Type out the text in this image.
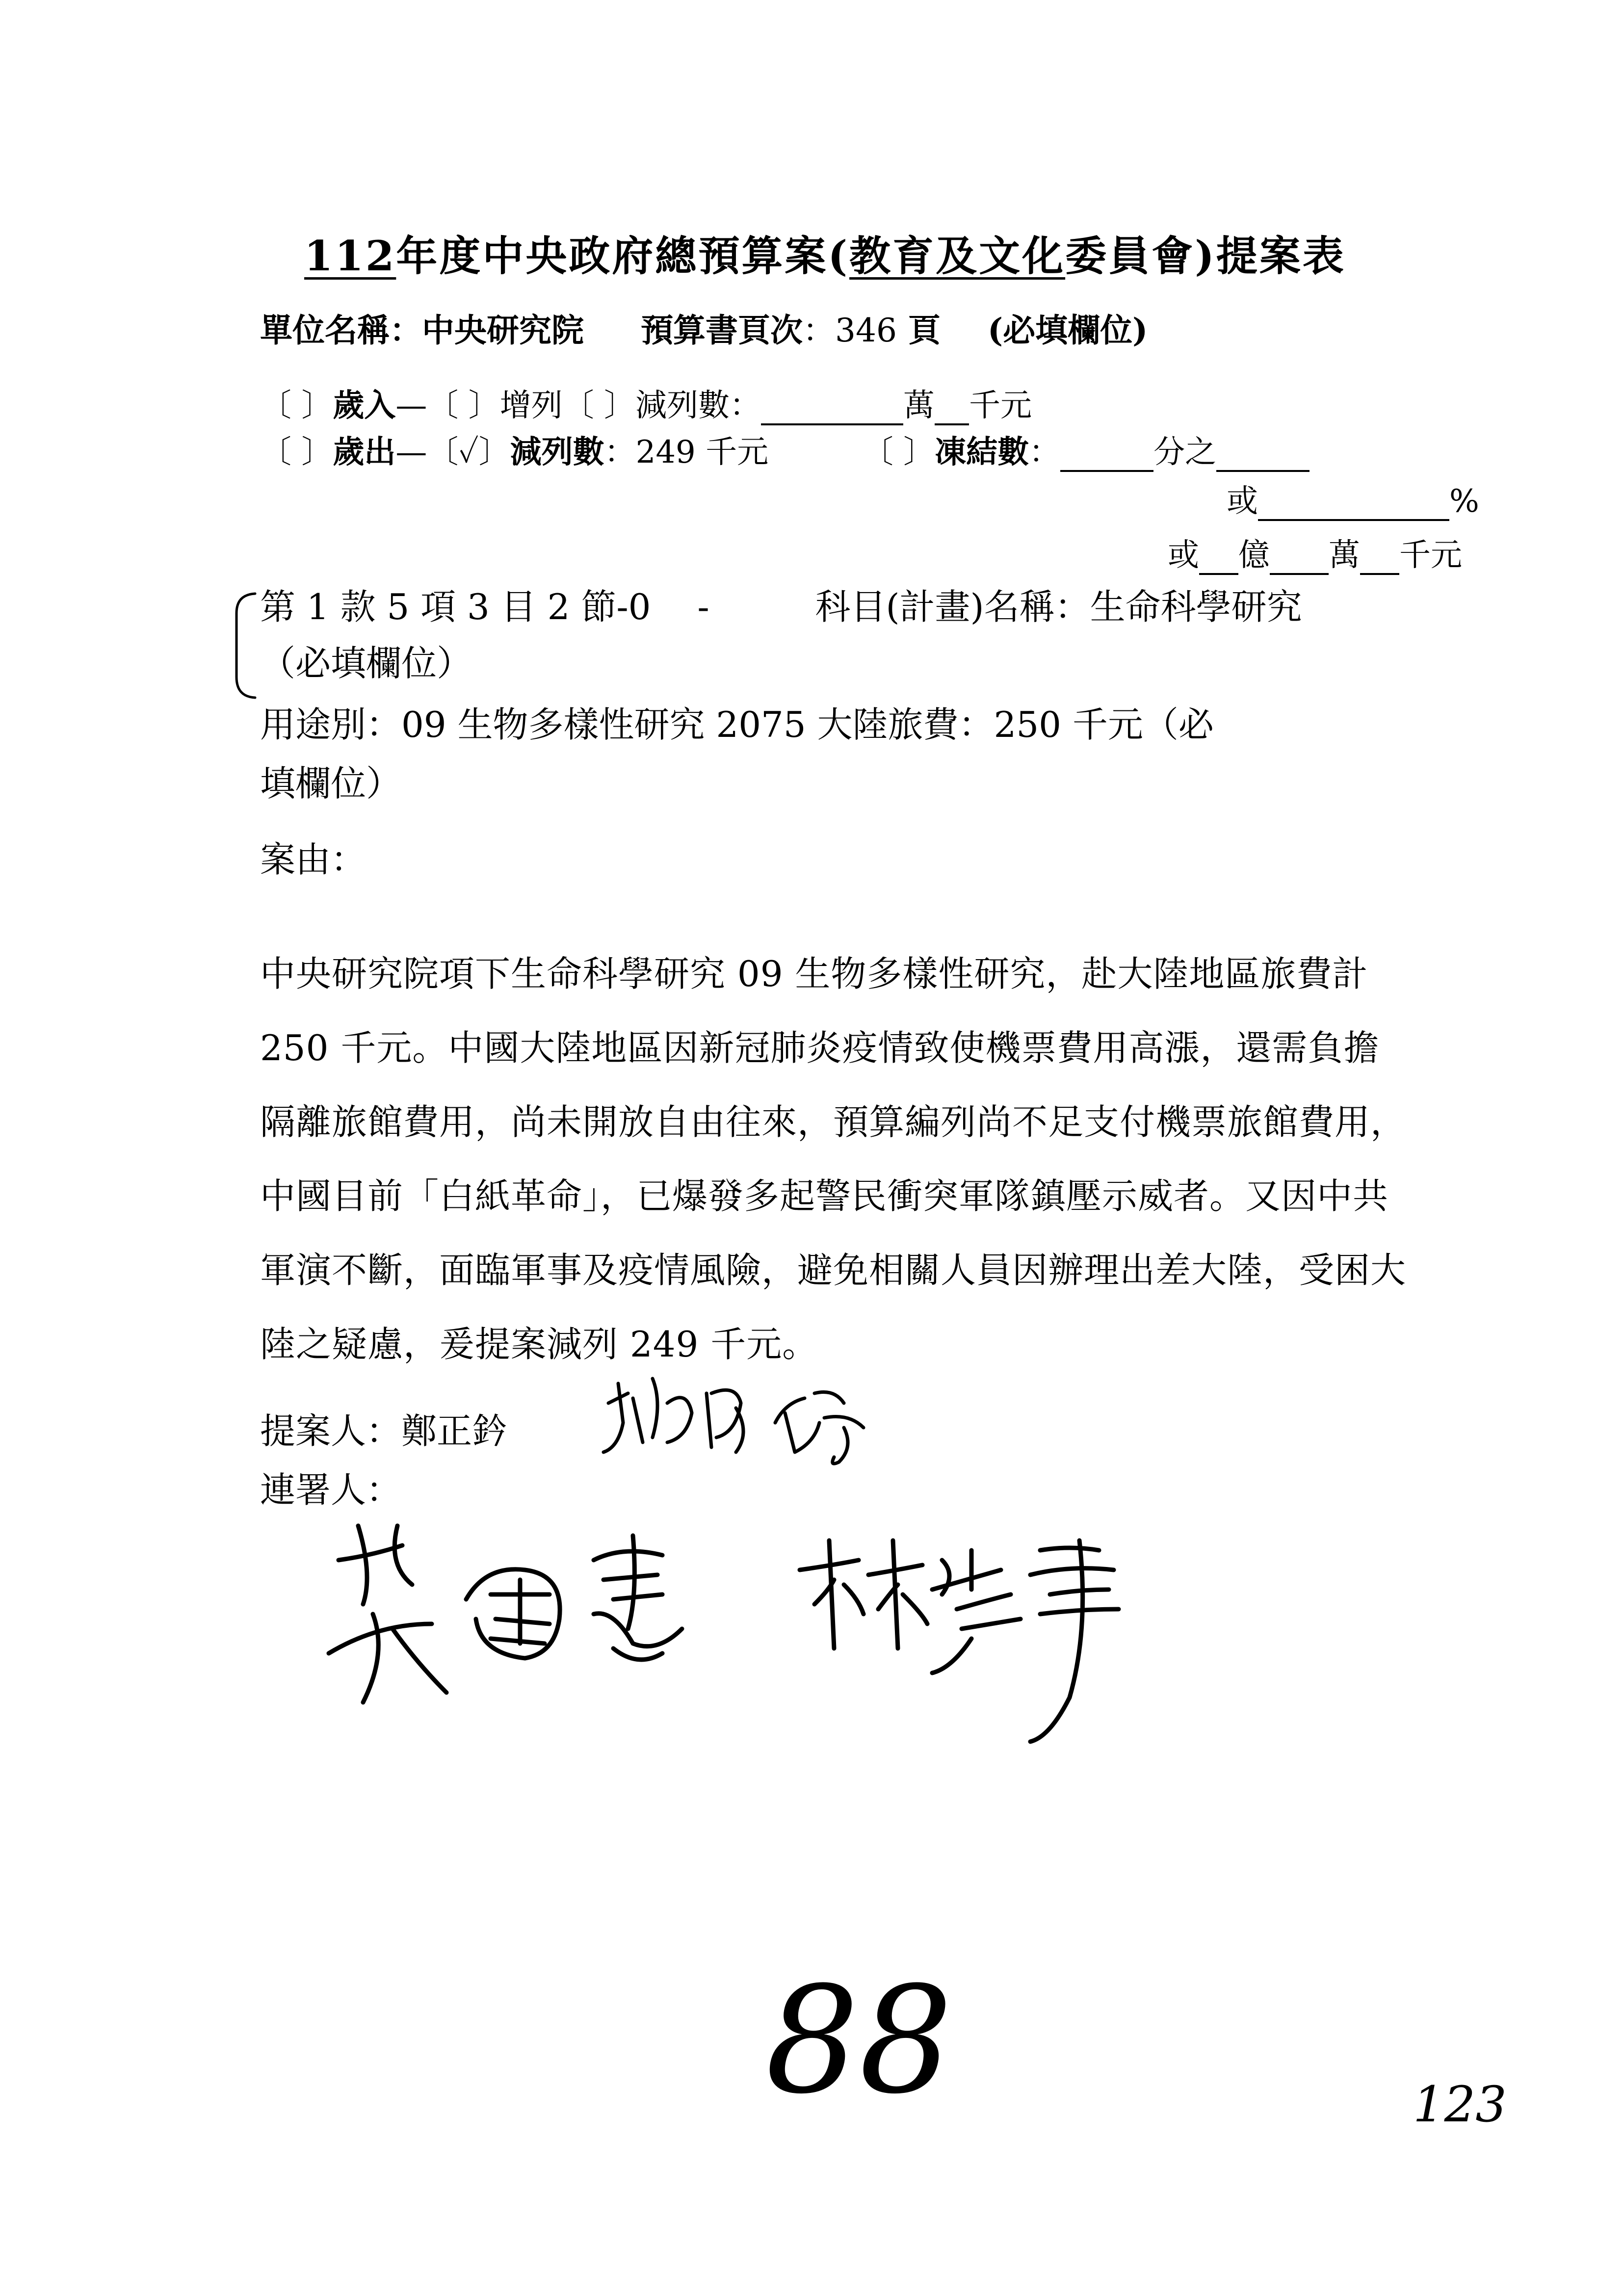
112年度中央政府總預算案(教育及文化委員會)提案表
單位名稱：中央研究院 預算書頁次：346 頁 (必填欄位)
〔 〕歲入—〔 〕增列〔 〕減列數：	萬 千元
〔 〕歲出—〔✓〕減列數：249 千元	〔 〕凍結數：	分之
或	%
或 億 萬 千元
第 1 款 5 項 3 目 2 節-0　 -	科目(計畫)名稱：生命科學研究
（必填欄位）
用途別：09 生物多樣性研究 2075 大陸旅費：250 千元（必
填欄位）
案由：
中央研究院項下生命科學研究 09 生物多樣性研究，赴大陸地區旅費計 250 千元。中國大陸地區因新冠肺炎疫情致使機票費用高漲，還需負擔隔離旅館費用，尚未開放自由往來，預算編列尚不足支付機票旅館費用，中國目前「白紙革命」，已爆發多起警民衝突軍隊鎮壓示威者。又因中共軍演不斷，面臨軍事及疫情風險，避免相關人員因辦理出差大陸，受困大陸之疑慮，爰提案減列 249 千元。
提案人：鄭正鈐
連署人：
88	123
